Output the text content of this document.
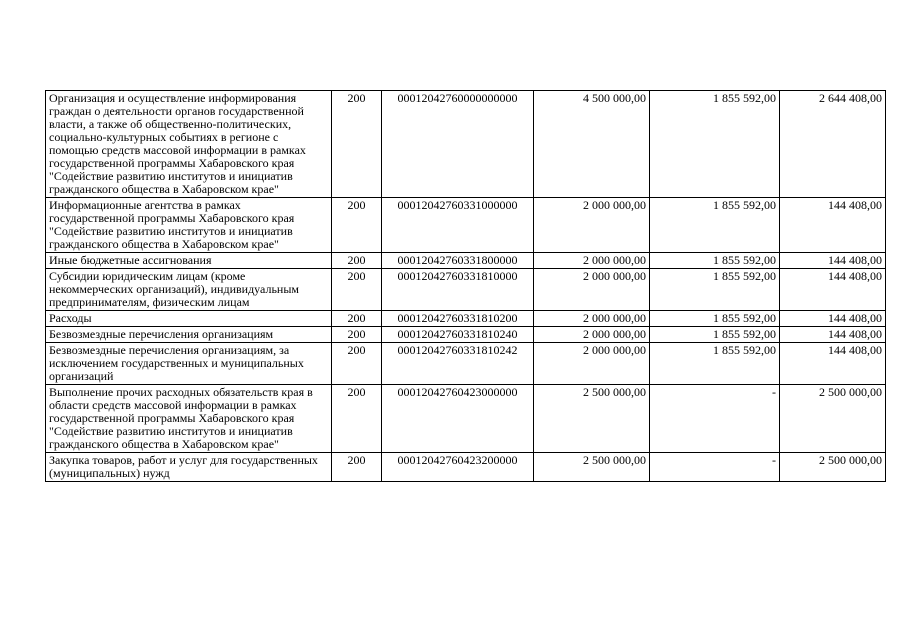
Организация и осуществление информирования граждан о деятельности органов государственной власти, а также об общественно-политических, социально-культурных событиях в регионе с помощью средств массовой информации в рамках государственной программы Хабаровского края "Содействие развитию институтов и инициатив гражданского общества в Хабаровском крае"	200	00012042760000000000	4 500 000,00	1 855 592,00	2 644 408,00
Информационные агентства в рамках государственной программы Хабаровского края "Содействие развитию институтов и инициатив гражданского общества в Хабаровском крае"	200	00012042760331000000	2 000 000,00	1 855 592,00	144 408,00
Иные бюджетные ассигнования	200	00012042760331800000	2 000 000,00	1 855 592,00	144 408,00
Субсидии юридическим лицам (кроме некоммерческих организаций), индивидуальным предпринимателям, физическим лицам	200	00012042760331810000	2 000 000,00	1 855 592,00	144 408,00
Расходы	200	00012042760331810200	2 000 000,00	1 855 592,00	144 408,00
Безвозмездные перечисления организациям	200	00012042760331810240	2 000 000,00	1 855 592,00	144 408,00
Безвозмездные перечисления организациям, за исключением государственных и муниципальных организаций	200	00012042760331810242	2 000 000,00	1 855 592,00	144 408,00
Выполнение прочих расходных обязательств края в области средств массовой информации в рамках государственной программы Хабаровского края "Содействие развитию институтов и инициатив гражданского общества в Хабаровском крае"	200	00012042760423000000	2 500 000,00	-	2 500 000,00
Закупка товаров, работ и услуг для государственных (муниципальных) нужд	200	00012042760423200000	2 500 000,00	-	2 500 000,00
